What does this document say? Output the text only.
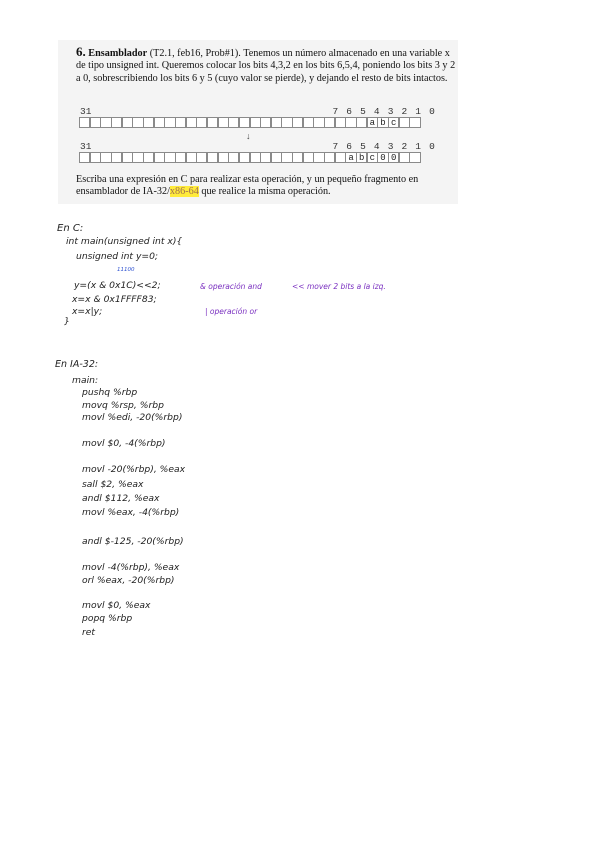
6. Ensamblador (T2.1, feb16, Prob#1). Tenemos un número almacenado en una variable x de tipo unsigned int. Queremos colocar los bits 4,3,2 en los bits 6,5,4, poniendo los bits 3 y 2 a 0, sobrescribiendo los bits 6 y 5 (cuyo valor se pierde), y dejando el resto de bits intactos.
31	7 6 5 4 3 2 1 0
a b c
↓
31	7 6 5 4 3 2 1 0
a b c 0 0
Escriba una expresión en C para realizar esta operación, y un pequeño fragmento en ensamblador de IA-32/x86-64 que realice la misma operación.
En C:
int main(unsigned int x){
unsigned int y=0;
11100
y=(x & 0x1C)<<2;	& operación and	<< mover 2 bits a la izq.
x=x & 0x1FFFF83;
x=x|y;	| operación or
}
En IA-32:
main:
pushq %rbp
movq %rsp, %rbp
movl %edi, -20(%rbp)
movl $0, -4(%rbp)
movl -20(%rbp), %eax
sall $2, %eax
andl $112, %eax
movl %eax, -4(%rbp)
andl $-125, -20(%rbp)
movl -4(%rbp), %eax
orl %eax, -20(%rbp)
movl $0, %eax
popq %rbp
ret
